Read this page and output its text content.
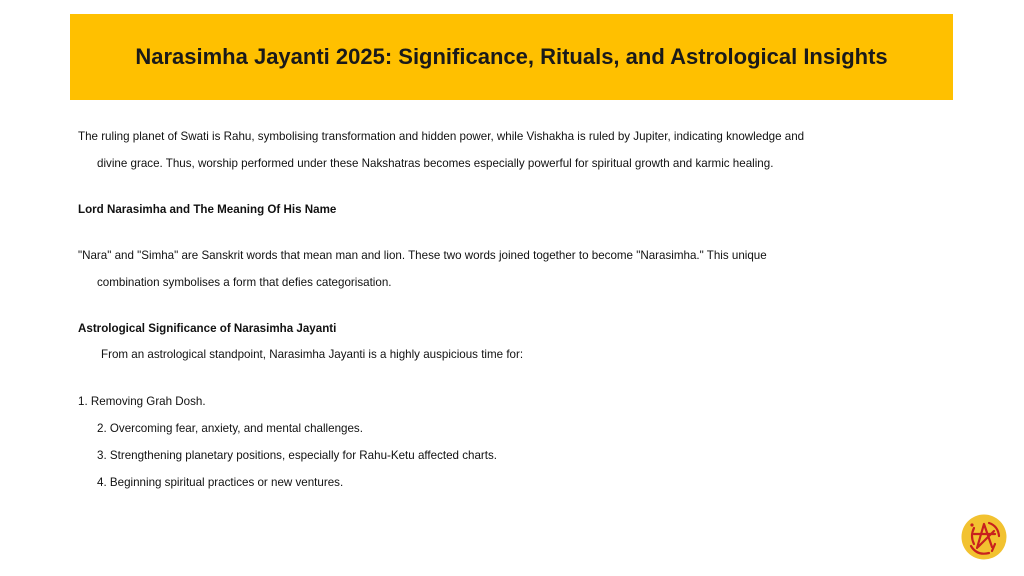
Narasimha Jayanti 2025: Significance, Rituals, and Astrological Insights
The ruling planet of Swati is Rahu, symbolising transformation and hidden power, while Vishakha is ruled by Jupiter, indicating knowledge and
divine grace. Thus, worship performed under these Nakshatras becomes especially powerful for spiritual growth and karmic healing.
Lord Narasimha and The Meaning Of His Name
"Nara" and "Simha" are Sanskrit words that mean man and lion. These two words joined together to become "Narasimha." This unique
combination symbolises a form that defies categorisation.
Astrological Significance of Narasimha Jayanti
From an astrological standpoint, Narasimha Jayanti is a highly auspicious time for:
1. Removing Grah Dosh.
2. Overcoming fear, anxiety, and mental challenges.
3. Strengthening planetary positions, especially for Rahu-Ketu affected charts.
4. Beginning spiritual practices or new ventures.
